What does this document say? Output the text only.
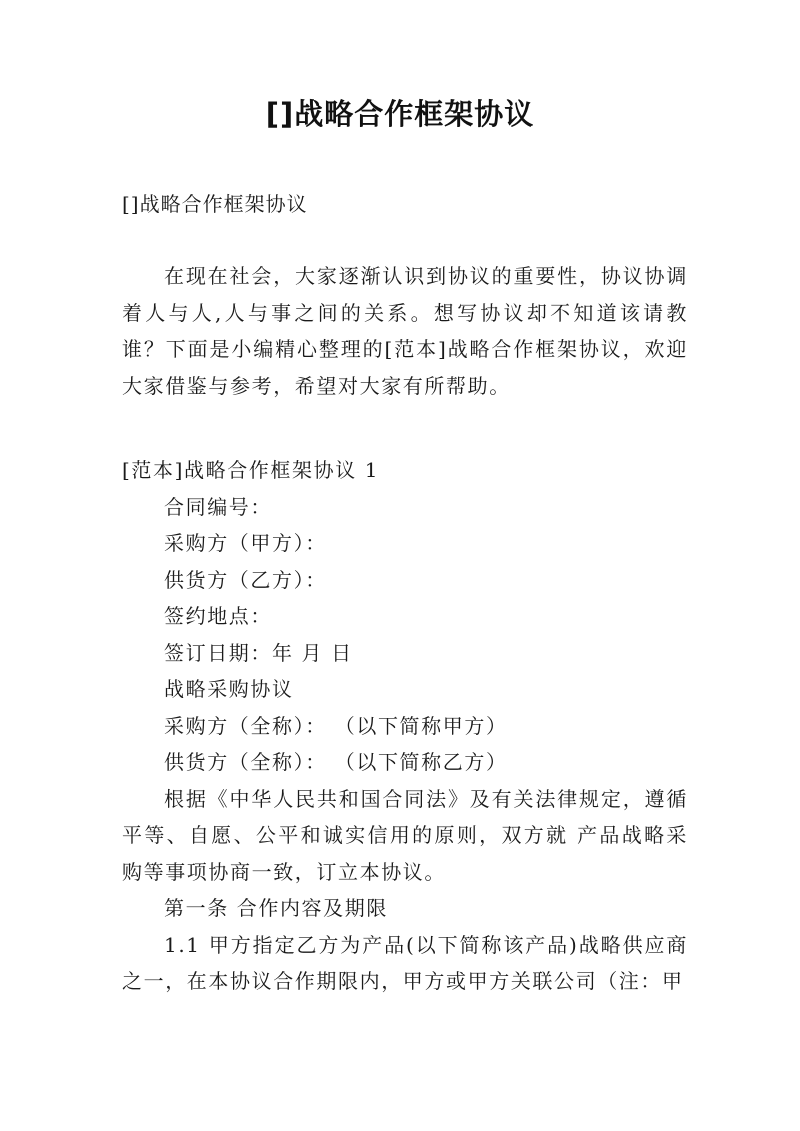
[]战略合作框架协议
[]战略合作框架协议

在现在社会，大家逐渐认识到协议的重要性，协议协调着人与人,人与事之间的关系。想写协议却不知道该请教谁？下面是小编精心整理的[范本]战略合作框架协议，欢迎大家借鉴与参考，希望对大家有所帮助。

[范本]战略合作框架协议 1

合同编号：

采购方（甲方）：

供货方（乙方）：

签约地点：

签订日期：年 月 日

战略采购协议

采购方（全称）： （以下简称甲方）

供货方（全称）： （以下简称乙方）

根据《中华人民共和国合同法》及有关法律规定，遵循平等、自愿、公平和诚实信用的原则，双方就 产品战略采购等事项协商一致，订立本协议。

第一条 合作内容及期限

1.1 甲方指定乙方为产品(以下简称该产品)战略供应商之一，在本协议合作期限内，甲方或甲方关联公司（注：甲
